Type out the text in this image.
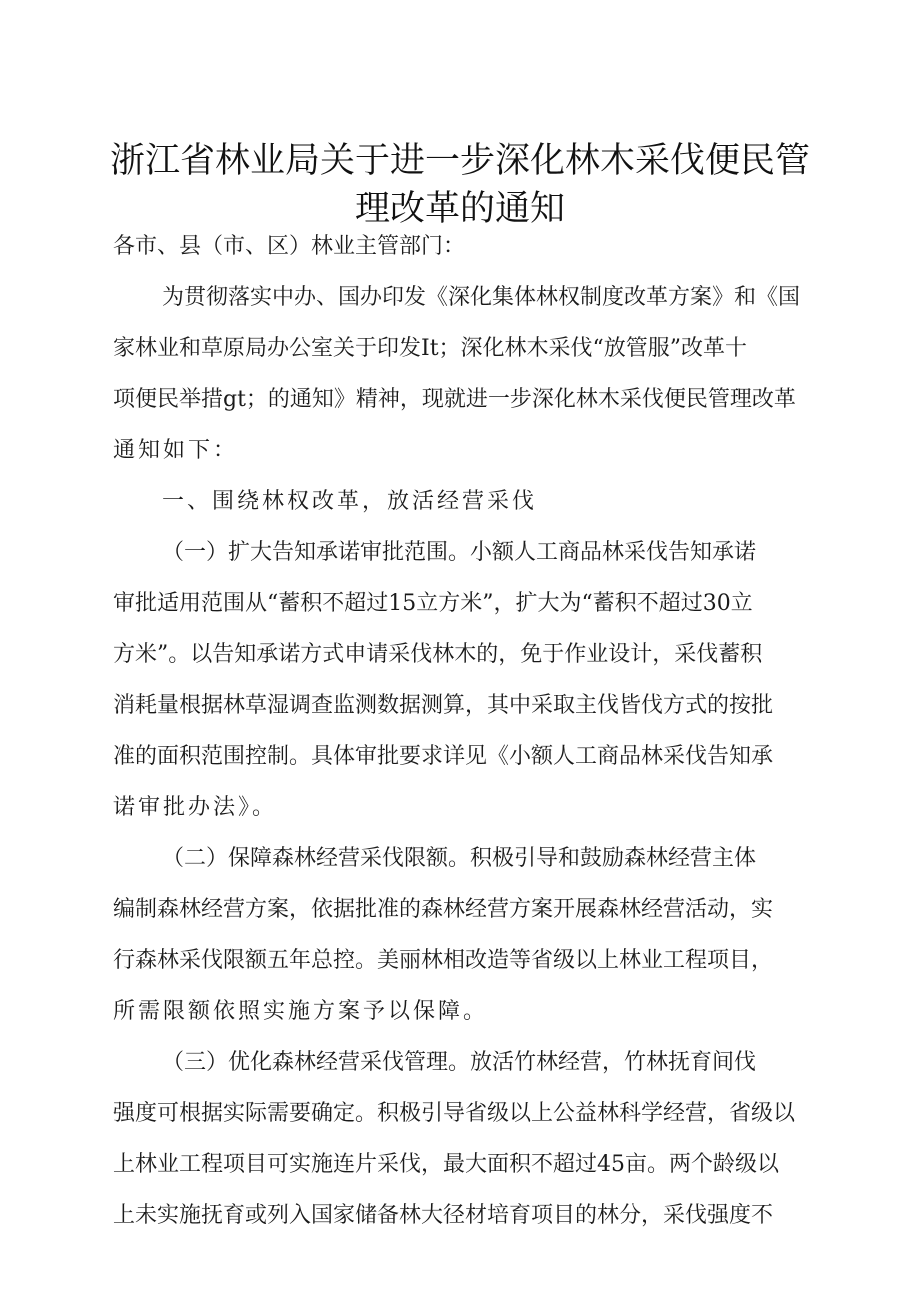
浙江省林业局关于进一步深化林木采伐便民管
理改革的通知
各市、县（市、区）林业主管部门：
为贯彻落实中办、国办印发《深化集体林权制度改革方案》和《国
家林业和草原局办公室关于印发It；深化林木采伐“放管服”改革十
项便民举措gt；的通知》精神，现就进一步深化林木采伐便民管理改革
通知如下：
一、围绕林权改革，放活经营采伐
（一）扩大告知承诺审批范围。小额人工商品林采伐告知承诺
审批适用范围从“蓄积不超过15立方米”，扩大为“蓄积不超过30立
方米”。以告知承诺方式申请采伐林木的，免于作业设计，采伐蓄积
消耗量根据林草湿调查监测数据测算，其中采取主伐皆伐方式的按批
准的面积范围控制。具体审批要求详见《小额人工商品林采伐告知承
诺审批办法》。
（二）保障森林经营采伐限额。积极引导和鼓励森林经营主体
编制森林经营方案，依据批准的森林经营方案开展森林经营活动，实
行森林采伐限额五年总控。美丽林相改造等省级以上林业工程项目，
所需限额依照实施方案予以保障。
（三）优化森林经营采伐管理。放活竹林经营，竹林抚育间伐
强度可根据实际需要确定。积极引导省级以上公益林科学经营，省级以
上林业工程项目可实施连片采伐，最大面积不超过45亩。两个龄级以
上未实施抚育或列入国家储备林大径材培育项目的林分，采伐强度不
